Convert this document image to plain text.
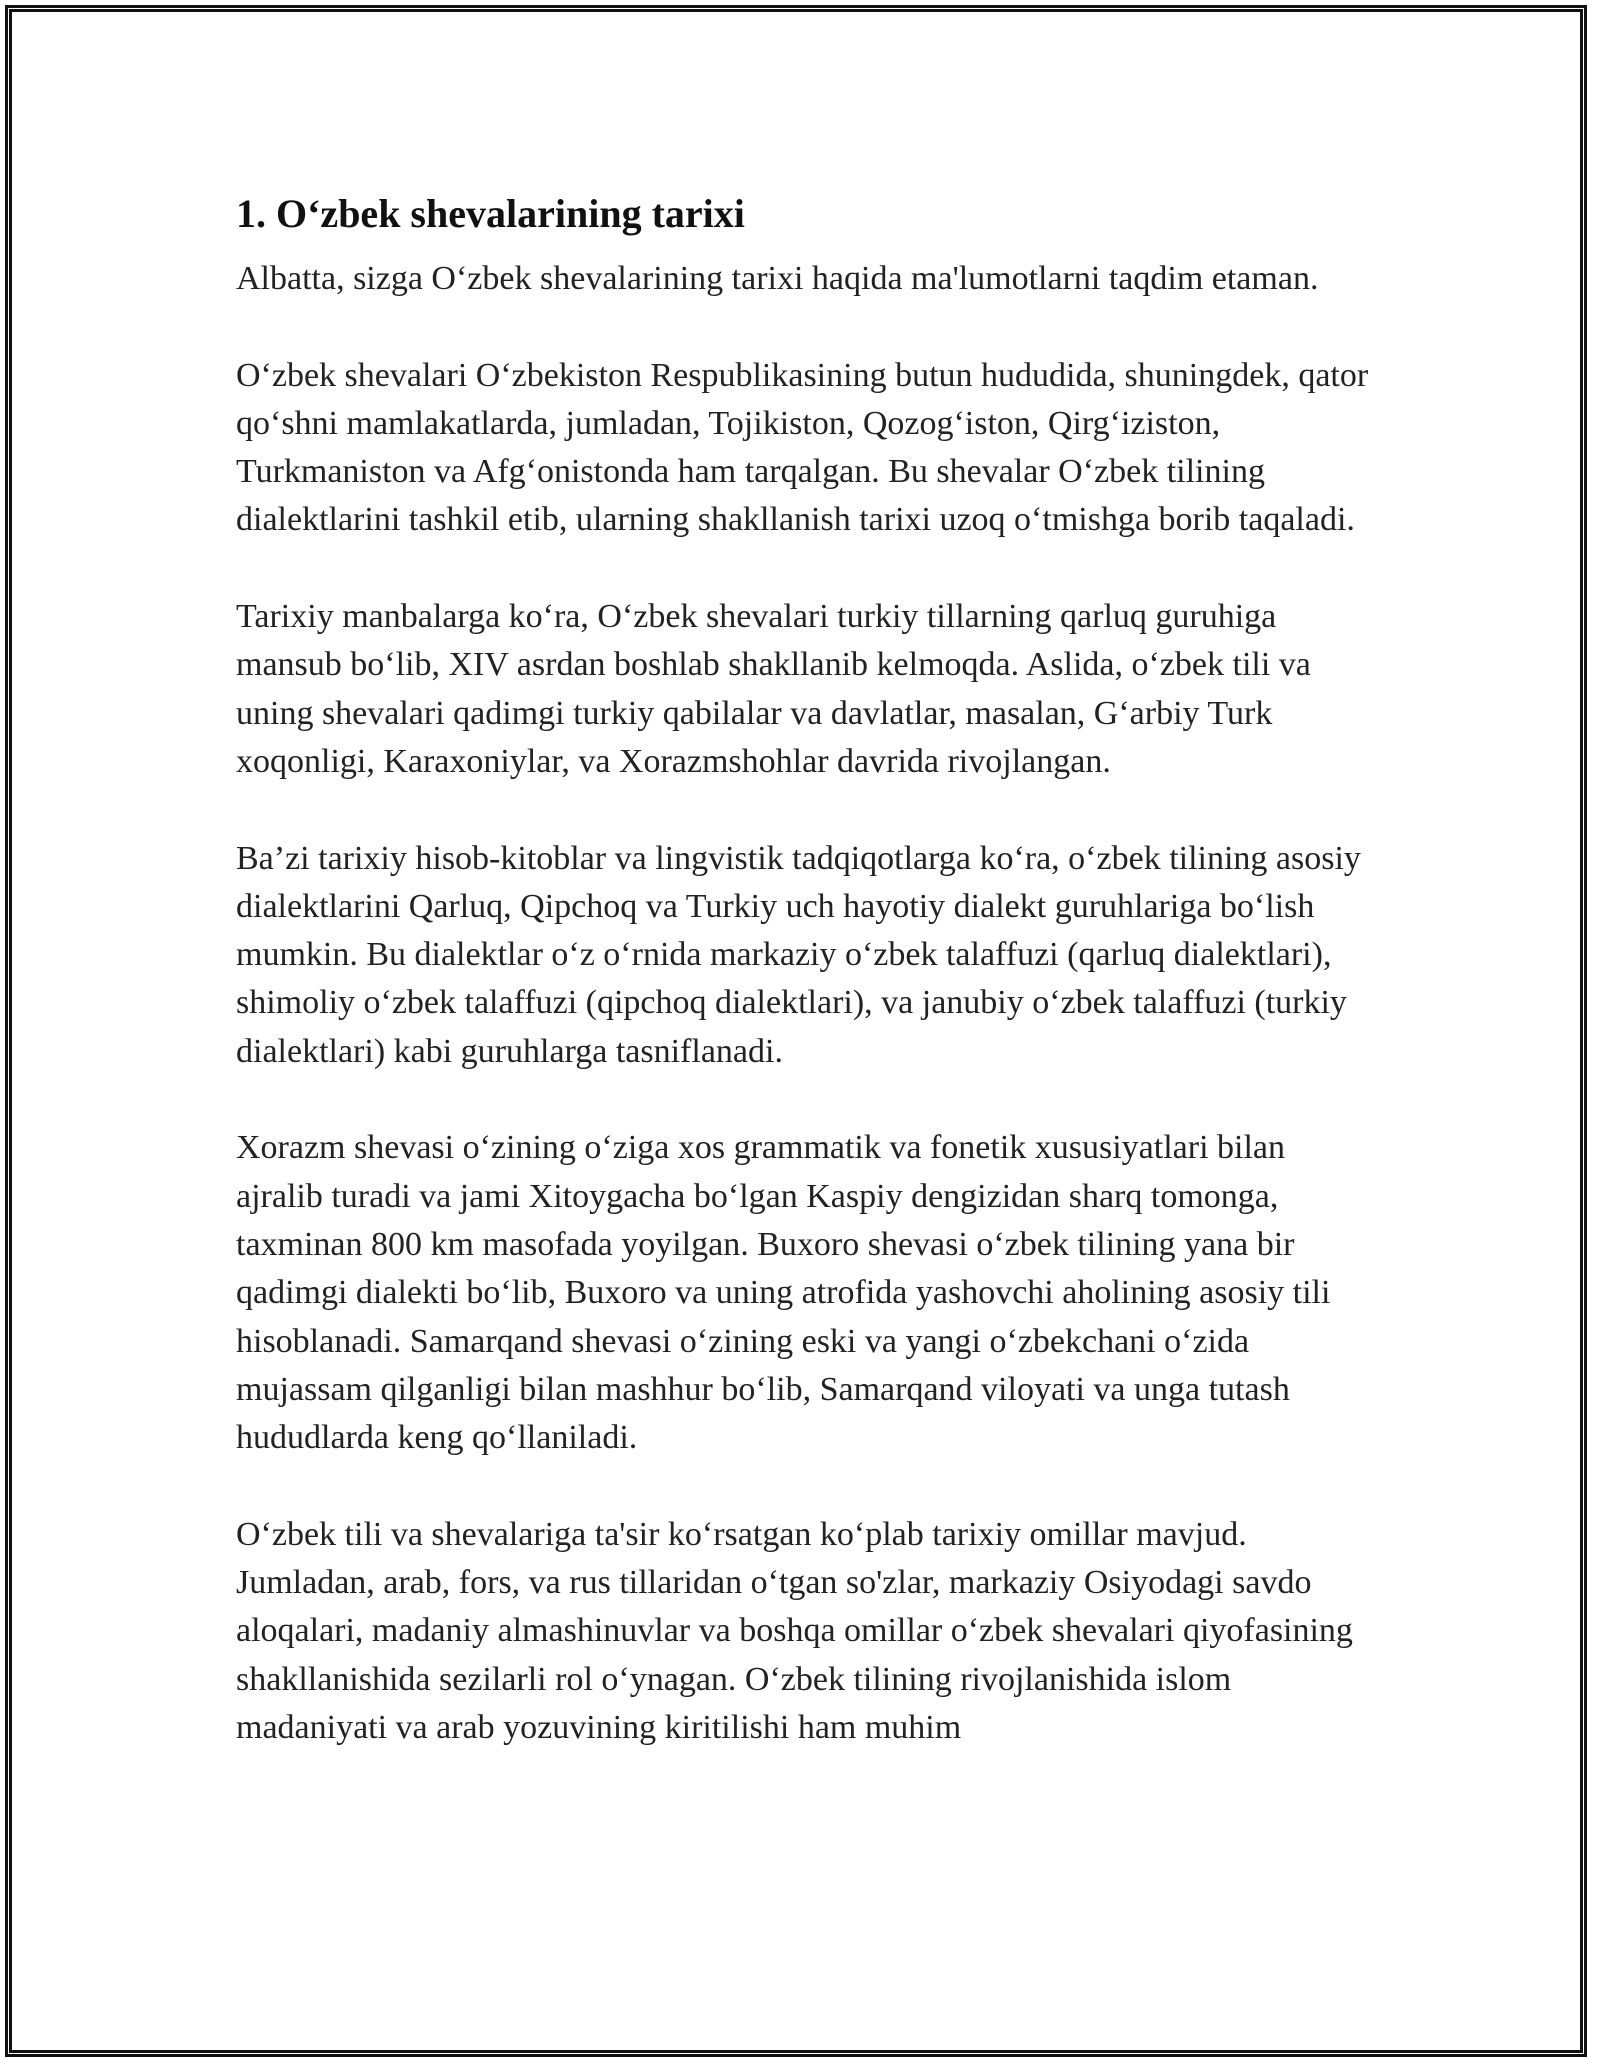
1. O‘zbek shevalarining tarixi

Albatta, sizga O‘zbek shevalarining tarixi haqida ma'lumotlarni taqdim etaman.

O‘zbek shevalari O‘zbekiston Respublikasining butun hududida, shuningdek, qator qo‘shni mamlakatlarda, jumladan, Tojikiston, Qozog‘iston, Qirg‘iziston, Turkmaniston va Afg‘onistonda ham tarqalgan. Bu shevalar O‘zbek tilining dialektlarini tashkil etib, ularning shakllanish tarixi uzoq o‘tmishga borib taqaladi.

Tarixiy manbalarga ko‘ra, O‘zbek shevalari turkiy tillarning qarluq guruhiga mansub bo‘lib, XIV asrdan boshlab shakllanib kelmoqda. Aslida, o‘zbek tili va uning shevalari qadimgi turkiy qabilalar va davlatlar, masalan, G‘arbiy Turk xoqonligi, Karaxoniylar, va Xorazmshohlar davrida rivojlangan.

Ba’zi tarixiy hisob-kitoblar va lingvistik tadqiqotlarga ko‘ra, o‘zbek tilining asosiy dialektlarini Qarluq, Qipchoq va Turkiy uch hayotiy dialekt guruhlariga bo‘lish mumkin. Bu dialektlar o‘z o‘rnida markaziy o‘zbek talaffuzi (qarluq dialektlari), shimoliy o‘zbek talaffuzi (qipchoq dialektlari), va janubiy o‘zbek talaffuzi (turkiy dialektlari) kabi guruhlarga tasniflanadi.

Xorazm shevasi o‘zining o‘ziga xos grammatik va fonetik xususiyatlari bilan ajralib turadi va jami Xitoygacha bo‘lgan Kaspiy dengizidan sharq tomonga, taxminan 800 km masofada yoyilgan. Buxoro shevasi o‘zbek tilining yana bir qadimgi dialekti bo‘lib, Buxoro va uning atrofida yashovchi aholining asosiy tili hisoblanadi. Samarqand shevasi o‘zining eski va yangi o‘zbekchani o‘zida mujassam qilganligi bilan mashhur bo‘lib, Samarqand viloyati va unga tutash hududlarda keng qo‘llaniladi.

O‘zbek tili va shevalariga ta'sir ko‘rsatgan ko‘plab tarixiy omillar mavjud. Jumladan, arab, fors, va rus tillaridan o‘tgan so'zlar, markaziy Osiyodagi savdo aloqalari, madaniy almashinuvlar va boshqa omillar o‘zbek shevalari qiyofasining shakllanishida sezilarli rol o‘ynagan. O‘zbek tilining rivojlanishida islom madaniyati va arab yozuvining kiritilishi ham muhim
